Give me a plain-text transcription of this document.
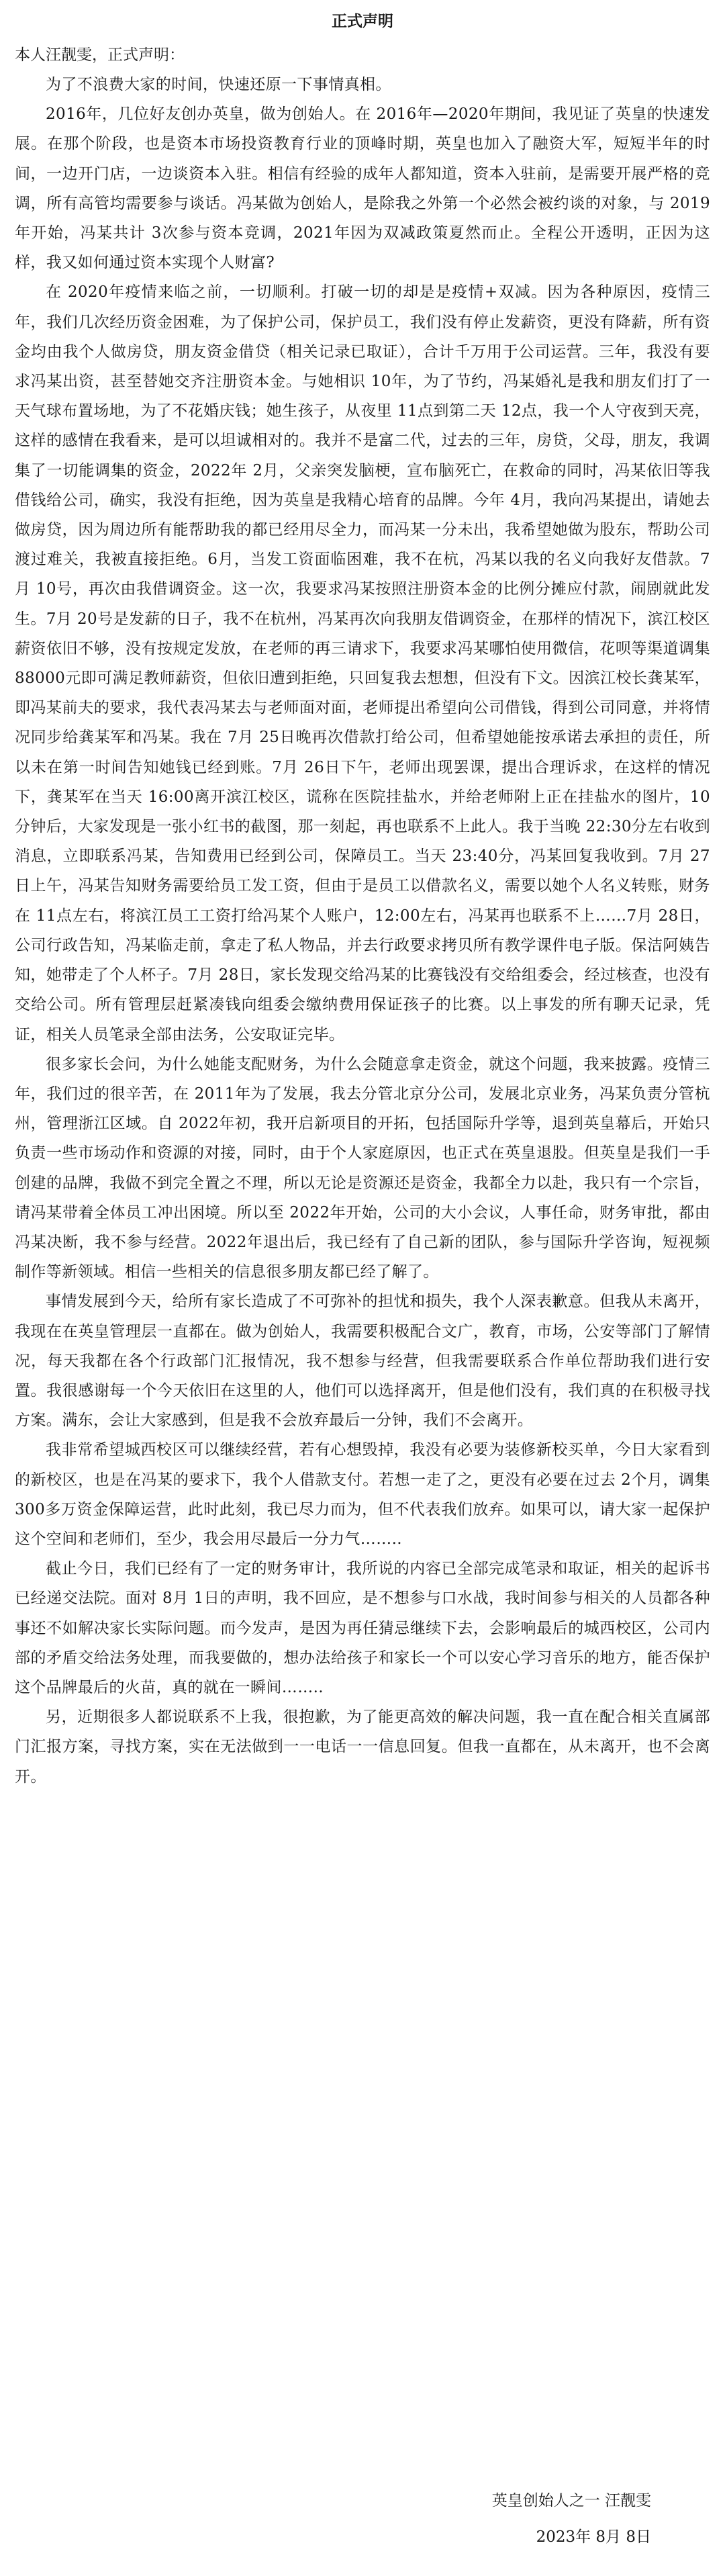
正式声明

本人汪靓雯，正式声明：

为了不浪费大家的时间，快速还原一下事情真相。

2016年，几位好友创办英皇，做为创始人。在 2016年—2020年期间，我见证了英皇的快速发展。在那个阶段，也是资本市场投资教育行业的顶峰时期，英皇也加入了融资大军，短短半年的时间，一边开门店，一边谈资本入驻。相信有经验的成年人都知道，资本入驻前，是需要开展严格的竞调，所有高管均需要参与谈话。冯某做为创始人，是除我之外第一个必然会被约谈的对象，与 2019年开始，冯某共计 3次参与资本竞调，2021年因为双减政策夏然而止。全程公开透明，正因为这样，我又如何通过资本实现个人财富?

在 2020年疫情来临之前，一切顺利。打破一切的却是是疫情+双减。因为各种原因，疫情三年，我们几次经历资金困难，为了保护公司，保护员工，我们没有停止发薪资，更没有降薪，所有资金均由我个人做房贷，朋友资金借贷（相关记录已取证），合计千万用于公司运营。三年，我没有要求冯某出资，甚至替她交齐注册资本金。与她相识 10年，为了节约，冯某婚礼是我和朋友们打了一天气球布置场地，为了不花婚庆钱；她生孩子，从夜里 11点到第二天 12点，我一个人守夜到天亮，这样的感情在我看来，是可以坦诚相对的。我并不是富二代，过去的三年，房贷，父母，朋友，我调集了一切能调集的资金，2022年 2月，父亲突发脑梗，宣布脑死亡，在救命的同时，冯某依旧等我借钱给公司，确实，我没有拒绝，因为英皇是我精心培育的品牌。今年 4月，我向冯某提出，请她去做房贷，因为周边所有能帮助我的都已经用尽全力，而冯某一分未出，我希望她做为股东，帮助公司渡过难关，我被直接拒绝。6月，当发工资面临困难，我不在杭，冯某以我的名义向我好友借款。7月 10号，再次由我借调资金。这一次，我要求冯某按照注册资本金的比例分摊应付款，闹剧就此发生。7月 20号是发薪的日子，我不在杭州，冯某再次向我朋友借调资金，在那样的情况下，滨江校区薪资依旧不够，没有按规定发放，在老师的再三请求下，我要求冯某哪怕使用微信，花呗等渠道调集 88000元即可满足教师薪资，但依旧遭到拒绝，只回复我去想想，但没有下文。因滨江校长龚某军，即冯某前夫的要求，我代表冯某去与老师面对面，老师提出希望向公司借钱，得到公司同意，并将情况同步给龚某军和冯某。我在 7月 25日晚再次借款打给公司，但希望她能按承诺去承担的责任，所以未在第一时间告知她钱已经到账。7月 26日下午，老师出现罢课，提出合理诉求，在这样的情况下，龚某军在当天 16:00离开滨江校区，谎称在医院挂盐水，并给老师附上正在挂盐水的图片，10分钟后，大家发现是一张小红书的截图，那一刻起，再也联系不上此人。我于当晚 22:30分左右收到消息，立即联系冯某，告知费用已经到公司，保障员工。当天 23:40分，冯某回复我收到。7月 27日上午，冯某告知财务需要给员工发工资，但由于是员工以借款名义，需要以她个人名义转账，财务在 11点左右，将滨江员工工资打给冯某个人账户，12:00左右，冯某再也联系不上……7月 28日，公司行政告知，冯某临走前，拿走了私人物品，并去行政要求拷贝所有教学课件电子版。保洁阿姨告知，她带走了个人杯子。7月 28日，家长发现交给冯某的比赛钱没有交给组委会，经过核查，也没有交给公司。所有管理层赶紧凑钱向组委会缴纳费用保证孩子的比赛。以上事发的所有聊天记录，凭证，相关人员笔录全部由法务，公安取证完毕。

很多家长会问，为什么她能支配财务，为什么会随意拿走资金，就这个问题，我来披露。疫情三年，我们过的很辛苦，在 2011年为了发展，我去分管北京分公司，发展北京业务，冯某负责分管杭州，管理浙江区域。自 2022年初，我开启新项目的开拓，包括国际升学等，退到英皇幕后，开始只负责一些市场动作和资源的对接，同时，由于个人家庭原因，也正式在英皇退股。但英皇是我们一手创建的品牌，我做不到完全置之不理，所以无论是资源还是资金，我都全力以赴，我只有一个宗旨，请冯某带着全体员工冲出困境。所以至 2022年开始，公司的大小会议，人事任命，财务审批，都由冯某决断，我不参与经营。2022年退出后，我已经有了自己新的团队，参与国际升学咨询，短视频制作等新领域。相信一些相关的信息很多朋友都已经了解了。

事情发展到今天，给所有家长造成了不可弥补的担忧和损失，我个人深表歉意。但我从未离开，我现在在英皇管理层一直都在。做为创始人，我需要积极配合文广，教育，市场，公安等部门了解情况，每天我都在各个行政部门汇报情况，我不想参与经营，但我需要联系合作单位帮助我们进行安置。我很感谢每一个今天依旧在这里的人，他们可以选择离开，但是他们没有，我们真的在积极寻找方案。满东，会让大家感到，但是我不会放弃最后一分钟，我们不会离开。

我非常希望城西校区可以继续经营，若有心想毁掉，我没有必要为装修新校买单，今日大家看到的新校区，也是在冯某的要求下，我个人借款支付。若想一走了之，更没有必要在过去 2个月，调集 300多万资金保障运营，此时此刻，我已尽力而为，但不代表我们放弃。如果可以，请大家一起保护这个空间和老师们，至少，我会用尽最后一分力气……..

截止今日，我们已经有了一定的财务审计，我所说的内容已全部完成笔录和取证，相关的起诉书已经递交法院。面对 8月 1日的声明，我不回应，是不想参与口水战，我时间参与相关的人员都各种事还不如解决家长实际问题。而今发声，是因为再任猜忌继续下去，会影响最后的城西校区，公司内部的矛盾交给法务处理，而我要做的，想办法给孩子和家长一个可以安心学习音乐的地方，能否保护这个品牌最后的火苗，真的就在一瞬间……..

另，近期很多人都说联系不上我，很抱歉，为了能更高效的解决问题，我一直在配合相关直属部门汇报方案，寻找方案，实在无法做到一一电话一一信息回复。但我一直都在，从未离开，也不会离开。

英皇创始人之一 汪靓雯
2023年 8月 8日
